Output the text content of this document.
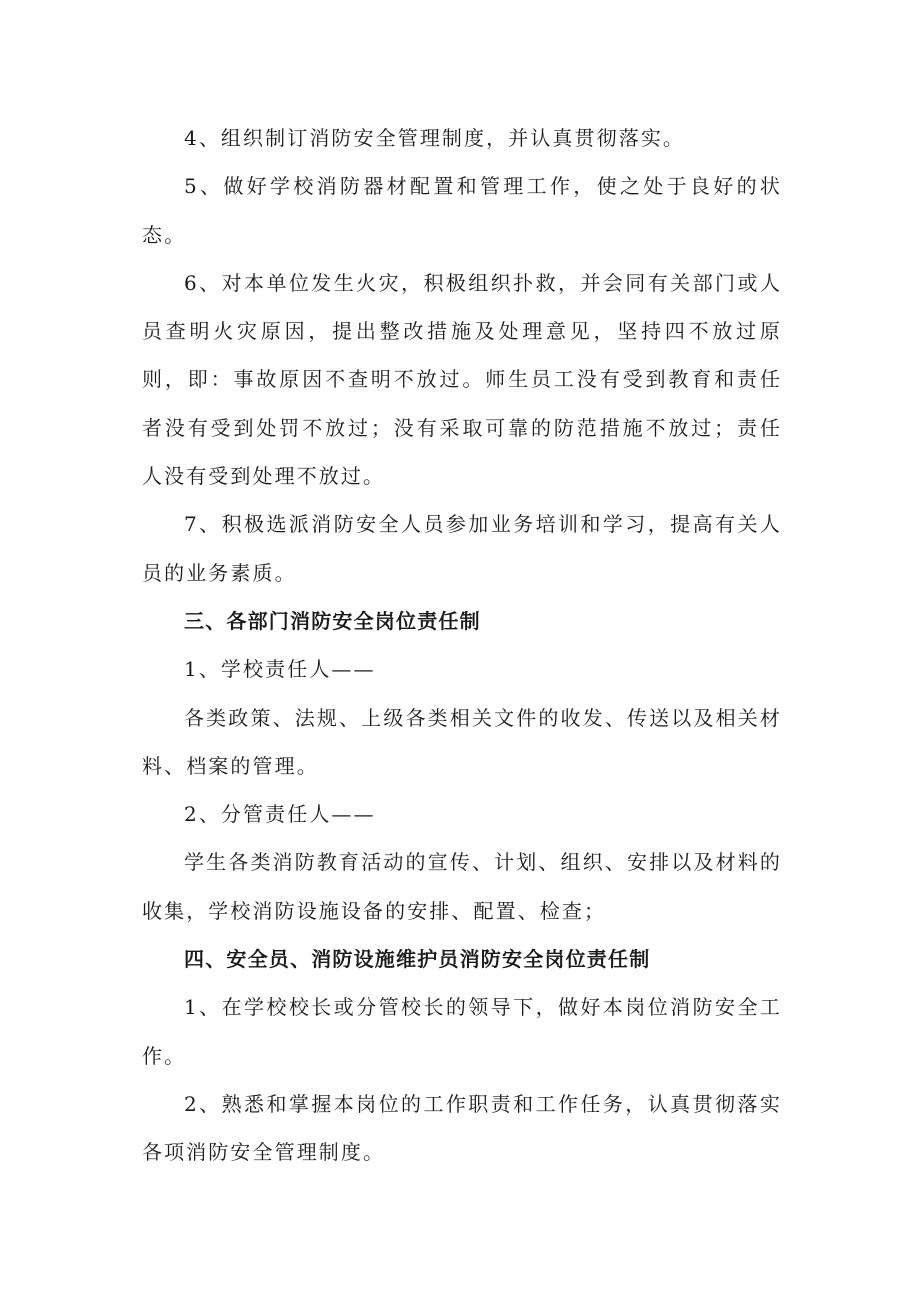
4、组织制订消防安全管理制度，并认真贯彻落实。

5、做好学校消防器材配置和管理工作，使之处于良好的状态。

6、对本单位发生火灾，积极组织扑救，并会同有关部门或人员查明火灾原因，提出整改措施及处理意见，坚持四不放过原则，即：事故原因不查明不放过。师生员工没有受到教育和责任者没有受到处罚不放过；没有采取可靠的防范措施不放过；责任人没有受到处理不放过。

7、积极选派消防安全人员参加业务培训和学习，提高有关人员的业务素质。

三、各部门消防安全岗位责任制

1、学校责任人——

各类政策、法规、上级各类相关文件的收发、传送以及相关材料、档案的管理。

2、分管责任人——

学生各类消防教育活动的宣传、计划、组织、安排以及材料的收集，学校消防设施设备的安排、配置、检查；

四、安全员、消防设施维护员消防安全岗位责任制

1、在学校校长或分管校长的领导下，做好本岗位消防安全工作。

2、熟悉和掌握本岗位的工作职责和工作任务，认真贯彻落实各项消防安全管理制度。
